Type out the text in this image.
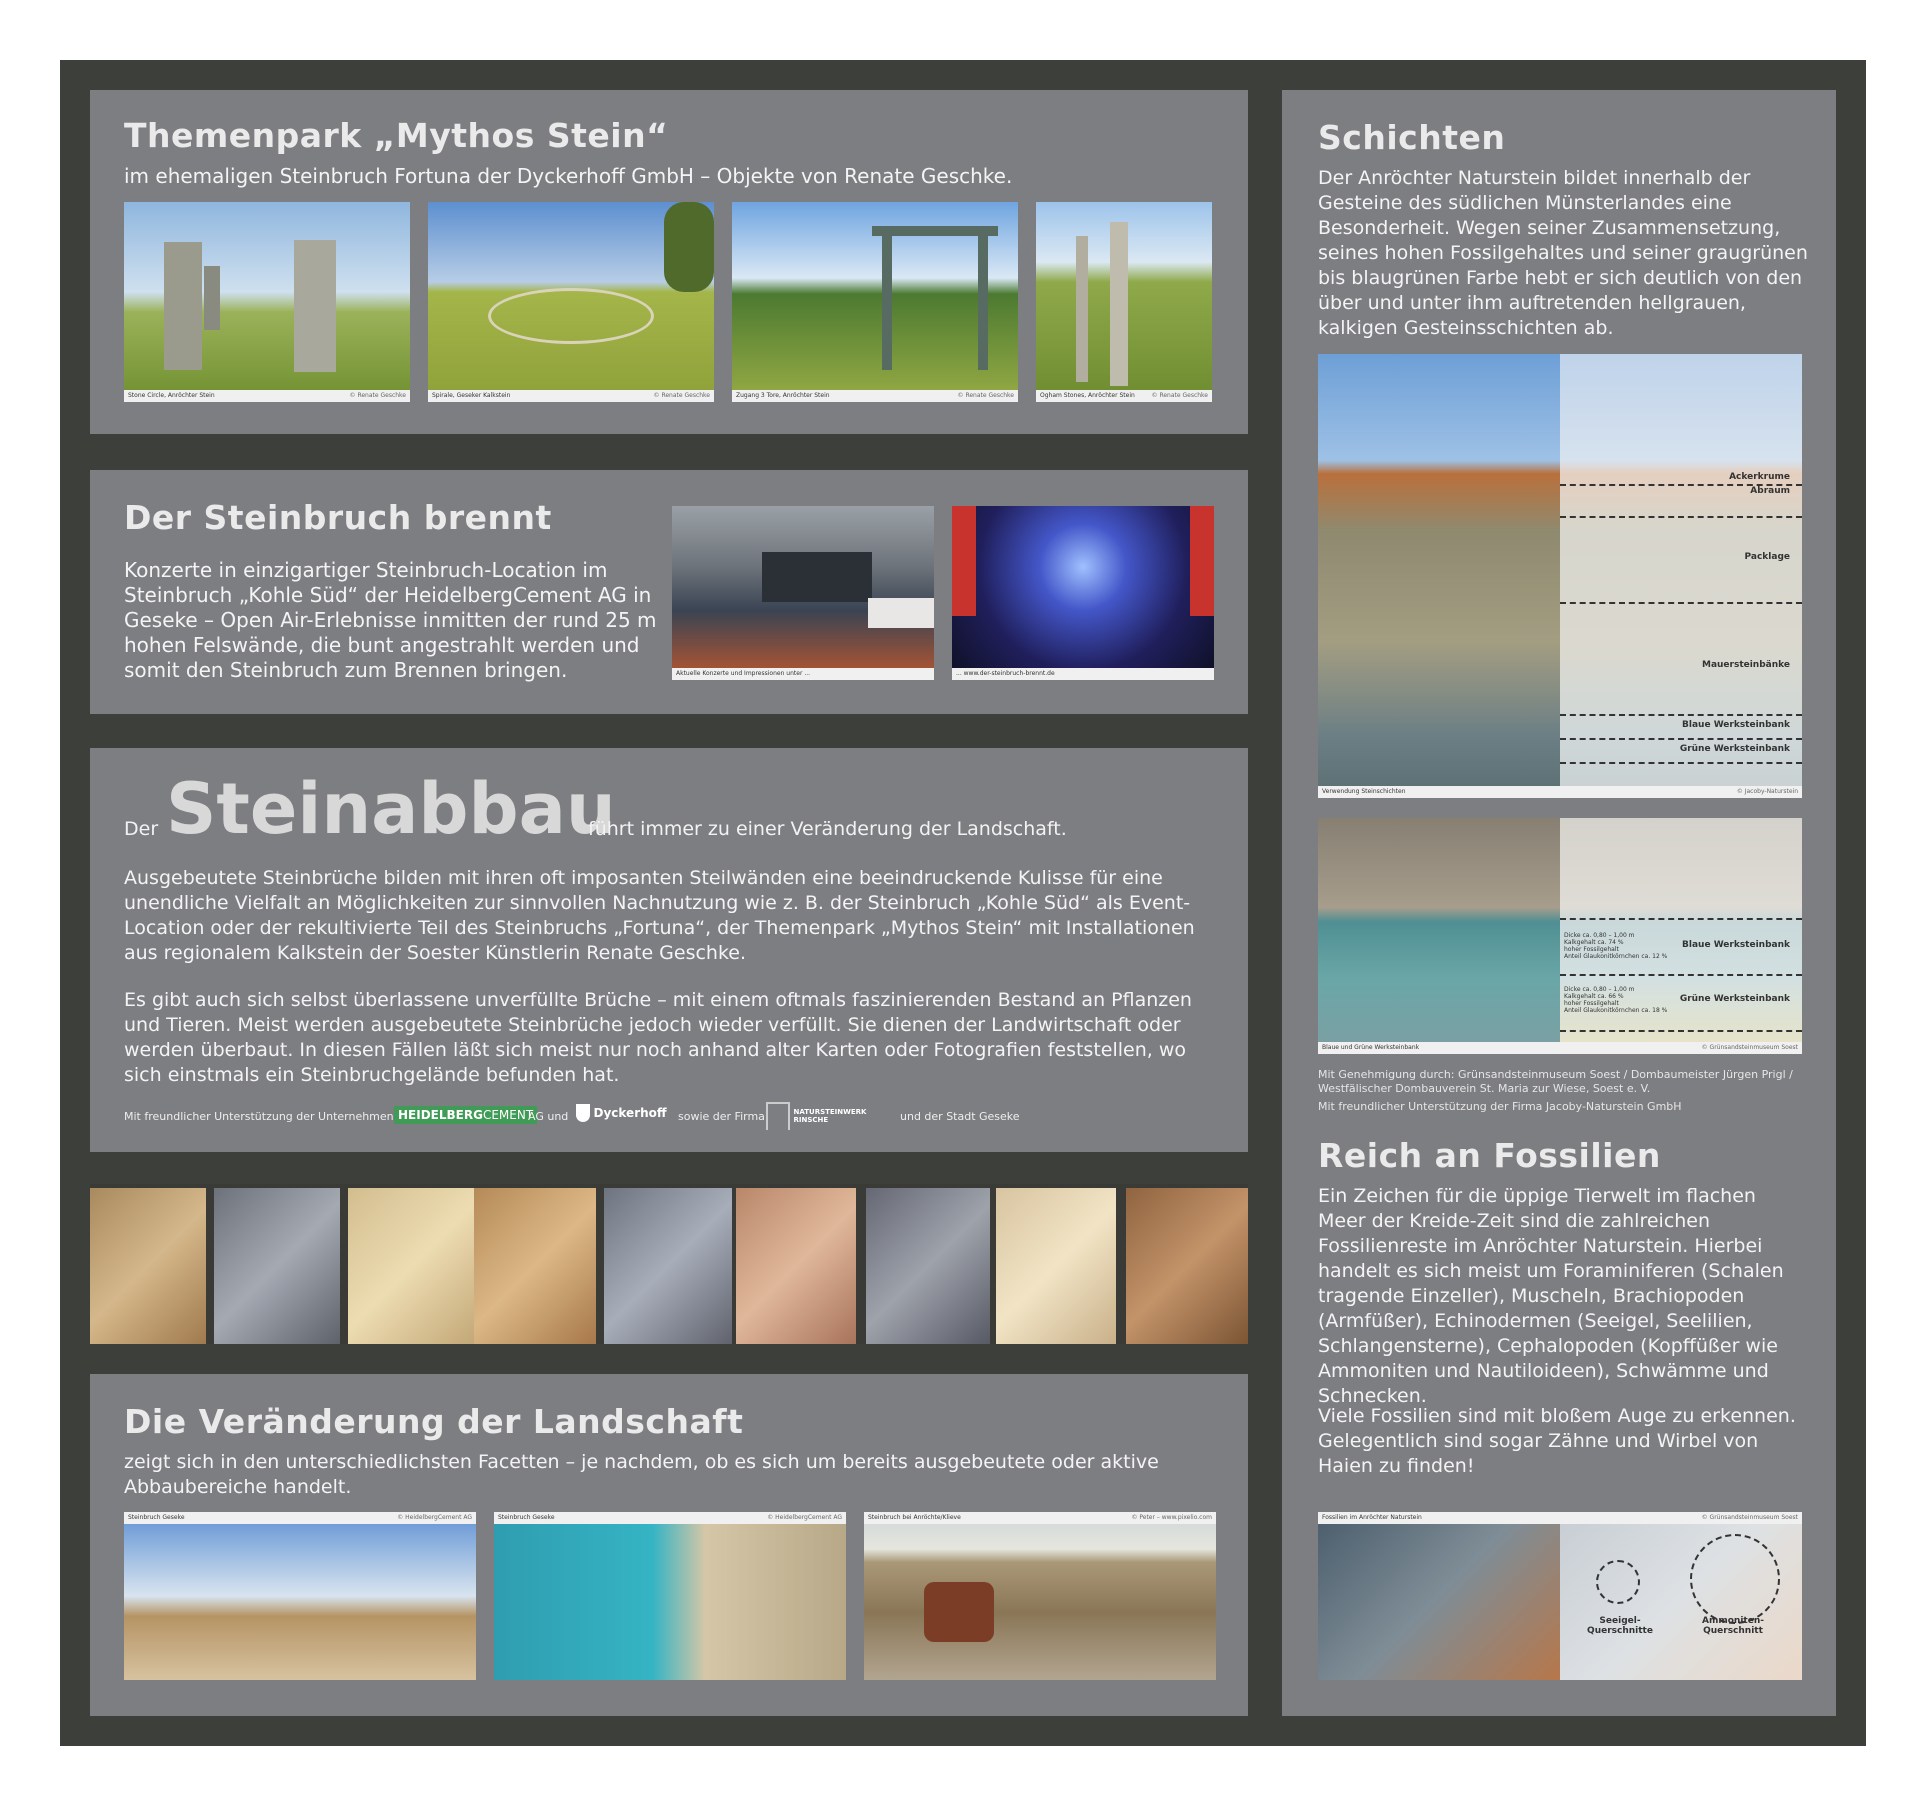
Themenpark „Mythos Stein“
im ehemaligen Steinbruch Fortuna der Dyckerhoff GmbH – Objekte von Renate Geschke.
Stone Circle, Anröchter Stein	© Renate Geschke	Spirale, Geseker Kalkstein	© Renate Geschke	Zugang 3 Tore, Anröchter Stein	© Renate Geschke	Ogham Stones, Anröchter Stein	© Renate Geschke
Der Steinbruch brennt
Konzerte in einzigartiger Steinbruch-Location im Steinbruch „Kohle Süd“ der HeidelbergCement AG in Geseke – Open Air-Erlebnisse inmitten der rund 25 m hohen Felswände, die bunt angestrahlt werden und somit den Steinbruch zum Brennen bringen.	Aktuelle Konzerte und Impressionen unter ...	... www.der-steinbruch-brennt.de
Der Steinabbau
führt immer zu einer Veränderung der Landschaft.
Ausgebeutete Steinbrüche bilden mit ihren oft imposanten Steilwänden eine beeindruckende Kulisse für eine unendliche Vielfalt an Möglichkeiten zur sinnvollen Nachnutzung wie z. B. der Steinbruch „Kohle Süd“ als Event-Location oder der rekultivierte Teil des Steinbruchs „Fortuna“, der Themenpark „Mythos Stein“ mit Installationen aus regionalem Kalkstein der Soester Künstlerin Renate Geschke.
Es gibt auch sich selbst überlassene unverfüllte Brüche – mit einem oftmals faszinierenden Bestand an Pflanzen und Tieren. Meist werden ausgebeutete Steinbrüche jedoch wieder verfüllt. Sie dienen der Landwirtschaft oder werden überbaut. In diesen Fällen läßt sich meist nur noch anhand alter Karten oder Fotografien feststellen, wo sich einstmals ein Steinbruchgelände befunden hat.
Mit freundlicher Unterstützung der Unternehmen HEIDELBERGCEMENT
AG und	Dyckerhoff sowie der Firma	NATURSTEINWERK
RINSCHE	und der Stadt Geseke
Die Veränderung der Landschaft
zeigt sich in den unterschiedlichsten Facetten – je nachdem, ob es sich um bereits ausgebeutete oder aktive Abbaubereiche handelt.
Steinbruch Geseke	© HeidelbergCement AG	Steinbruch Geseke	© HeidelbergCement AG	Steinbruch bei Anröchte/Klieve	© Peter – www.pixelio.com
Schichten
Der Anröchter Naturstein bildet innerhalb der Gesteine des südlichen Münsterlandes eine Besonderheit. Wegen seiner Zusammensetzung, seines hohen Fossilgehaltes und seiner graugrünen bis blaugrünen Farbe hebt er sich deutlich von den über und unter ihm auftretenden hellgrauen, kalkigen Gesteinsschichten ab.
Ackerkrume
Abraum
Packlage
Mauersteinbänke
Blaue Werksteinbank
Grüne Werksteinbank
Verwendung Steinschichten	© Jacoby-Naturstein
Dicke ca. 0,80 – 1,00 m
Kalkgehalt ca. 74 %
hoher Fossilgehalt
Anteil Glaukonitkörnchen ca. 12 %
Blaue Werksteinbank
Dicke ca. 0,80 – 1,00 m
Kalkgehalt ca. 66 %
hoher Fossilgehalt
Anteil Glaukonitkörnchen ca. 18 %
Grüne Werksteinbank
Blaue und Grüne Werksteinbank	© Grünsandsteinmuseum Soest
Mit Genehmigung durch: Grünsandsteinmuseum Soest / Dombaumeister Jürgen Prigl / Westfälischer Dombauverein St. Maria zur Wiese, Soest e. V.
Mit freundlicher Unterstützung der Firma Jacoby-Naturstein GmbH
Reich an Fossilien
Ein Zeichen für die üppige Tierwelt im flachen Meer der Kreide-Zeit sind die zahlreichen Fossilienreste im Anröchter Naturstein. Hierbei handelt es sich meist um Foraminiferen (Schalen tragende Einzeller), Muscheln, Brachiopoden (Armfüßer), Echinodermen (Seeigel, Seelilien, Schlangensterne), Cephalopoden (Kopffüßer wie Ammoniten und Nautiloideen), Schwämme und Schnecken.
Viele Fossilien sind mit bloßem Auge zu erkennen. Gelegentlich sind sogar Zähne und Wirbel von Haien zu finden!
Seeigel-Querschnitte
Ammoniten-Querschnitt
Fossilien im Anröchter Naturstein	© Grünsandsteinmuseum Soest
